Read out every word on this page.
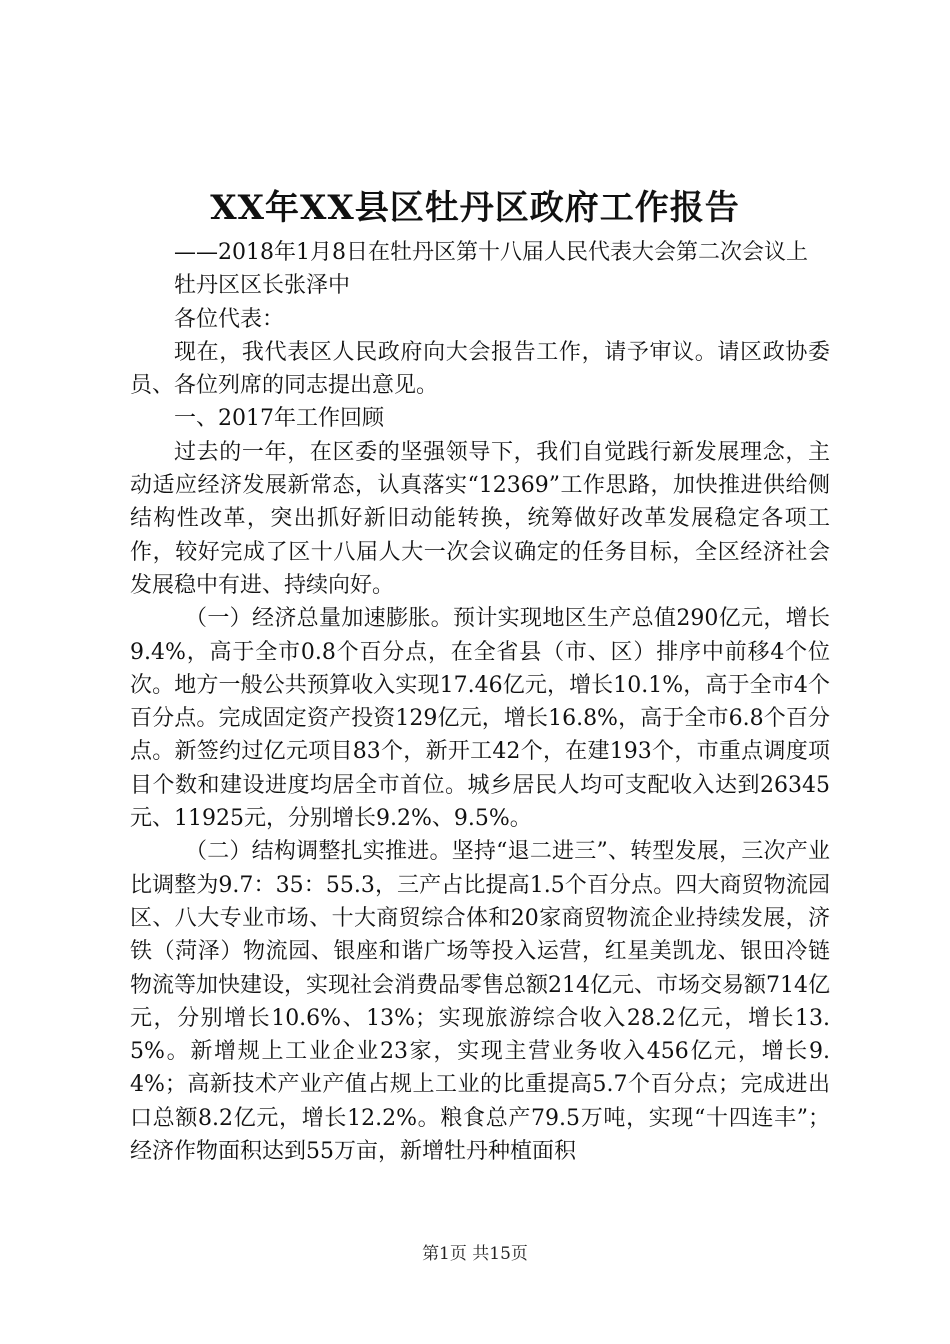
XX年XX县区牡丹区政府工作报告

——2018年1月8日在牡丹区第十八届人民代表大会第二次会议上

牡丹区区长张泽中

各位代表：

现在，我代表区人民政府向大会报告工作，请予审议。请区政协委员、各位列席的同志提出意见。

一、2017年工作回顾

过去的一年，在区委的坚强领导下，我们自觉践行新发展理念，主动适应经济发展新常态，认真落实“12369”工作思路，加快推进供给侧结构性改革，突出抓好新旧动能转换，统筹做好改革发展稳定各项工作，较好完成了区十八届人大一次会议确定的任务目标，全区经济社会发展稳中有进、持续向好。

（一）经济总量加速膨胀。预计实现地区生产总值290亿元，增长9.4%，高于全市0.8个百分点，在全省县（市、区）排序中前移4个位次。地方一般公共预算收入实现17.46亿元，增长10.1%，高于全市4个百分点。完成固定资产投资129亿元，增长16.8%，高于全市6.8个百分点。新签约过亿元项目83个，新开工42个，在建193个，市重点调度项目个数和建设进度均居全市首位。城乡居民人均可支配收入达到26345元、11925元，分别增长9.2%、9.5%。

（二）结构调整扎实推进。坚持“退二进三”、转型发展，三次产业比调整为9.7：35：55.3，三产占比提高1.5个百分点。四大商贸物流园区、八大专业市场、十大商贸综合体和20家商贸物流企业持续发展，济铁（菏泽）物流园、银座和谐广场等投入运营，红星美凯龙、银田冷链物流等加快建设，实现社会消费品零售总额214亿元、市场交易额714亿元，分别增长10.6%、13%；实现旅游综合收入28.2亿元，增长13.5%。新增规上工业企业23家，实现主营业务收入456亿元，增长9.4%；高新技术产业产值占规上工业的比重提高5.7个百分点；完成进出口总额8.2亿元，增长12.2%。粮食总产79.5万吨，实现“十四连丰”；经济作物面积达到55万亩，新增牡丹种植面积

第1页 共15页
